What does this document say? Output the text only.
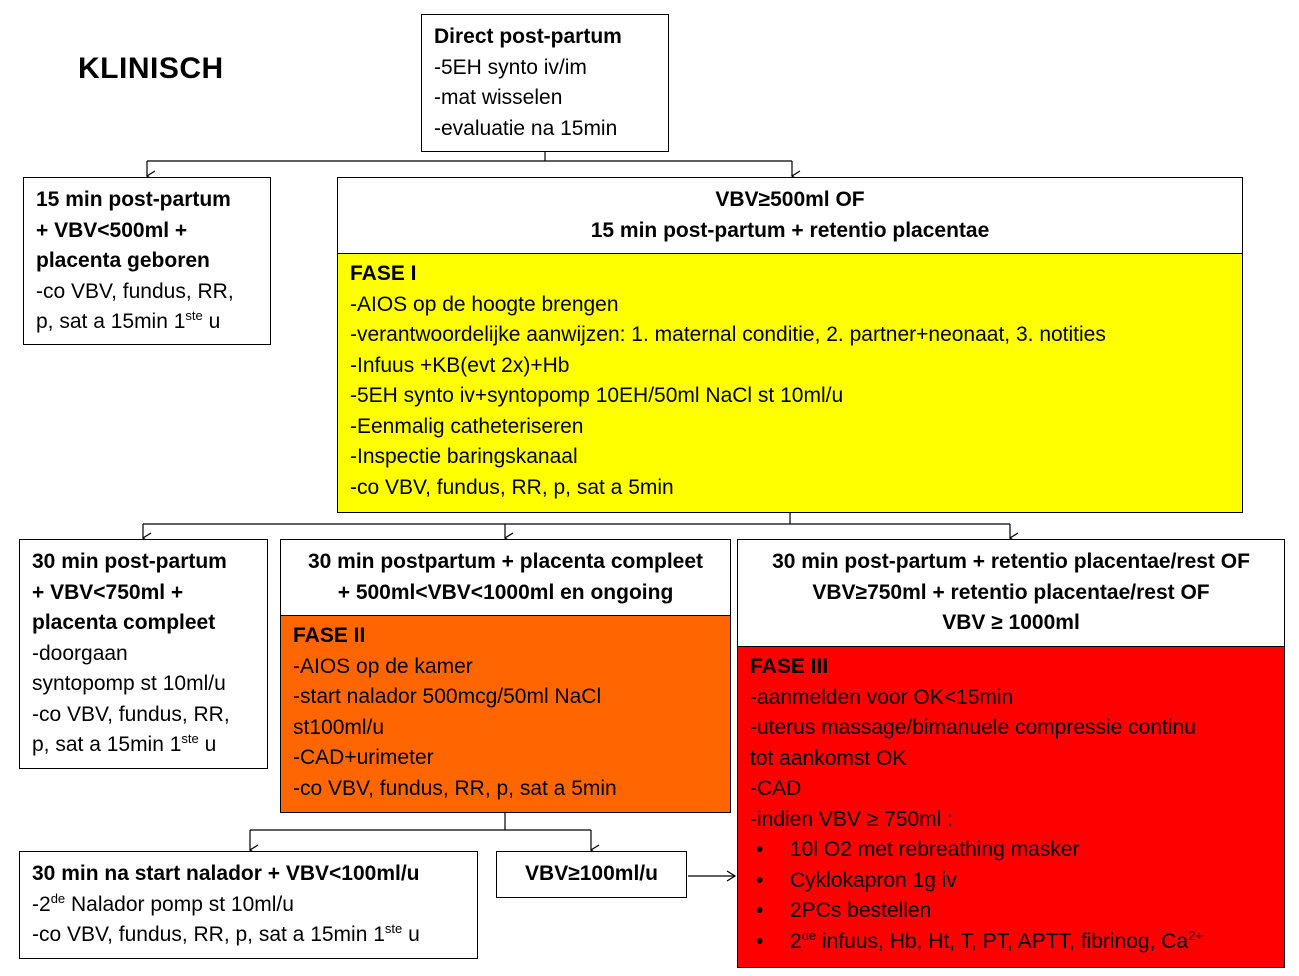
KLINISCH
Direct post-partum
-5EH synto iv/im
-mat wisselen
-evaluatie na 15min
15 min post-partum
+ VBV<500ml +
placenta geboren
-co VBV, fundus, RR,
p, sat a 15min 1ste u
VBV≥500ml OF
15 min post-partum + retentio placentae
FASE I
-AIOS op de hoogte brengen
-verantwoordelijke aanwijzen: 1. maternal conditie, 2. partner+neonaat, 3. notities
-Infuus +KB(evt 2x)+Hb
-5EH synto iv+syntopomp 10EH/50ml NaCl st 10ml/u
-Eenmalig catheteriseren
-Inspectie baringskanaal
-co VBV, fundus, RR, p, sat a 5min
30 min post-partum
+ VBV<750ml +
placenta compleet
-doorgaan
syntopomp st 10ml/u
-co VBV, fundus, RR,
p, sat a 15min 1ste u
30 min postpartum + placenta compleet
+ 500ml<VBV<1000ml en ongoing
FASE II
-AIOS op de kamer
-start nalador 500mcg/50ml NaCl
st100ml/u
-CAD+urimeter
-co VBV, fundus, RR, p, sat a 5min
30 min post-partum + retentio placentae/rest OF
VBV≥750ml + retentio placentae/rest OF
VBV ≥ 1000ml
FASE III
-aanmelden voor OK<15min
-uterus massage/bimanuele compressie continu
tot aankomst OK
-CAD
-indien VBV ≥ 750ml :
• 10l O2 met rebreathing masker
• Cyklokapron 1g iv
• 2PCs bestellen
• 2de infuus, Hb, Ht, T, PT, APTT, fibrinog, $Ca^{2+}$
30 min na start nalador + VBV<100ml/u
-2de Nalador pomp st 10ml/u
-co VBV, fundus, RR, p, sat a 15min 1ste u
VBV≥100ml/u
